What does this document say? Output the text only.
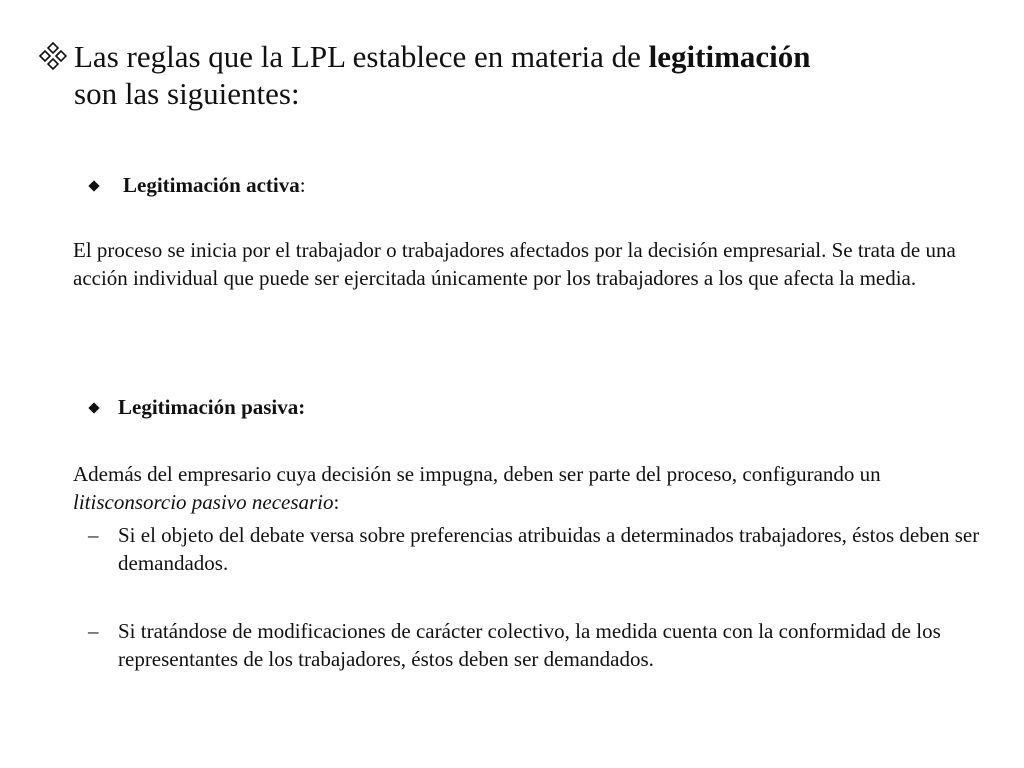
Las reglas que la LPL establece en materia de legitimación
son las siguientes:
Legitimación activa:
El proceso se inicia por el trabajador o trabajadores afectados por la decisión empresarial. Se trata de una acción individual que puede ser ejercitada únicamente por los trabajadores a los que afecta la media.
Legitimación pasiva:
Además del empresario cuya decisión se impugna, deben ser parte del proceso, configurando un litisconsorcio pasivo necesario:
– Si el objeto del debate versa sobre preferencias atribuidas a determinados trabajadores, éstos deben ser demandados.
– Si tratándose de modificaciones de carácter colectivo, la medida cuenta con la conformidad de los representantes de los trabajadores, éstos deben ser demandados.
